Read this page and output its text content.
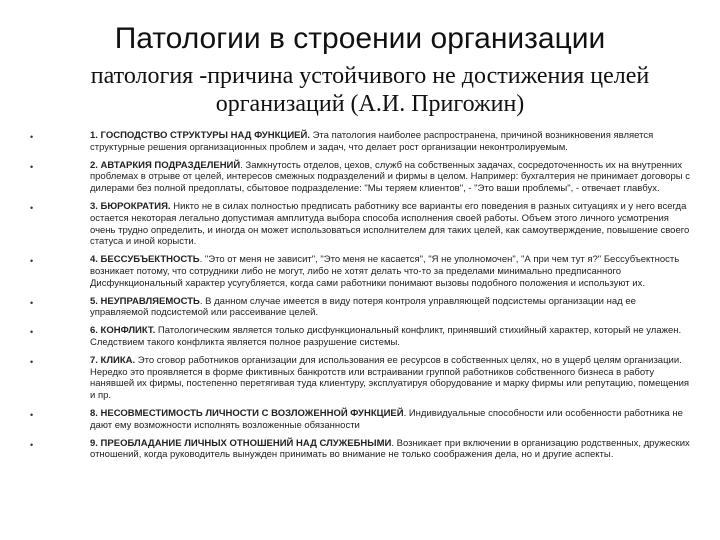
Патологии в строении организации
патология -причина устойчивого не достижения целей организаций (А.И. Пригожин)
•	1. ГОСПОДСТВО СТРУКТУРЫ НАД ФУНКЦИЕЙ. Эта патология наиболее распространена, причиной возникновения является структурные решения организационных проблем и задач, что делает рост организации неконтролируемым.
•	2. АВТАРКИЯ ПОДРАЗДЕЛЕНИЙ. Замкнутость отделов, цехов, служб на собственных задачах, сосредоточенность их на внутренних проблемах в отрыве от целей, интересов смежных подразделений и фирмы в целом. Например: бухгалтерия не принимает договоры с дилерами без полной предоплаты, сбытовое подразделение: "Мы теряем клиентов", - "Это ваши проблемы", - отвечает главбух.
•	3. БЮРОКРАТИЯ. Никто не в силах полностью предписать работнику все варианты его поведения в разных ситуациях и у него всегда остается некоторая легально допустимая амплитуда выбора способа исполнения своей работы. Объем этого личного усмотрения очень трудно определить, и иногда он может использоваться исполнителем для таких целей, как самоутверждение, повышение своего статуса и иной корысти.
•	4. БЕССУБЪЕКТНОСТЬ. "Это от меня не зависит", "Это меня не касается", "Я не уполномочен", "А при чем тут я?" Бессубъектность возникает потому, что сотрудники либо не могут, либо не хотят делать что-то за пределами минимально предписанного Дисфункциональный характер усугубляется, когда сами работники понимают вызовы подобного положения и используют их.
•	5. НЕУПРАВЛЯЕМОСТЬ. В данном случае имеется в виду потеря контроля управляющей подсистемы организации над ее управляемой подсистемой или рассеивание целей.
•	6. КОНФЛИКТ. Патологическим является только дисфункциональный конфликт, принявший стихийный характер, который не улажен. Следствием такого конфликта является полное разрушение системы.
•	7. КЛИКА. Это сговор работников организации для использования ее ресурсов в собственных целях, но в ущерб целям организации. Нередко это проявляется в форме фиктивных банкротств или встраивании группой работников собственного бизнеса в работу нанявшей их фирмы, постепенно перетягивая туда клиентуру, эксплуатируя оборудование и марку фирмы или репутацию, помещения и пр.
•	8. НЕСОВМЕСТИМОСТЬ ЛИЧНОСТИ С ВОЗЛОЖЕННОЙ ФУНКЦИЕЙ. Индивидуальные способности или особенности работника не дают ему возможности исполнять возложенные обязанности
•	9. ПРЕОБЛАДАНИЕ ЛИЧНЫХ ОТНОШЕНИЙ НАД СЛУЖЕБНЫМИ. Возникает при включении в организацию родственных, дружеских отношений, когда руководитель вынужден принимать во внимание не только соображения дела, но и другие аспекты.
